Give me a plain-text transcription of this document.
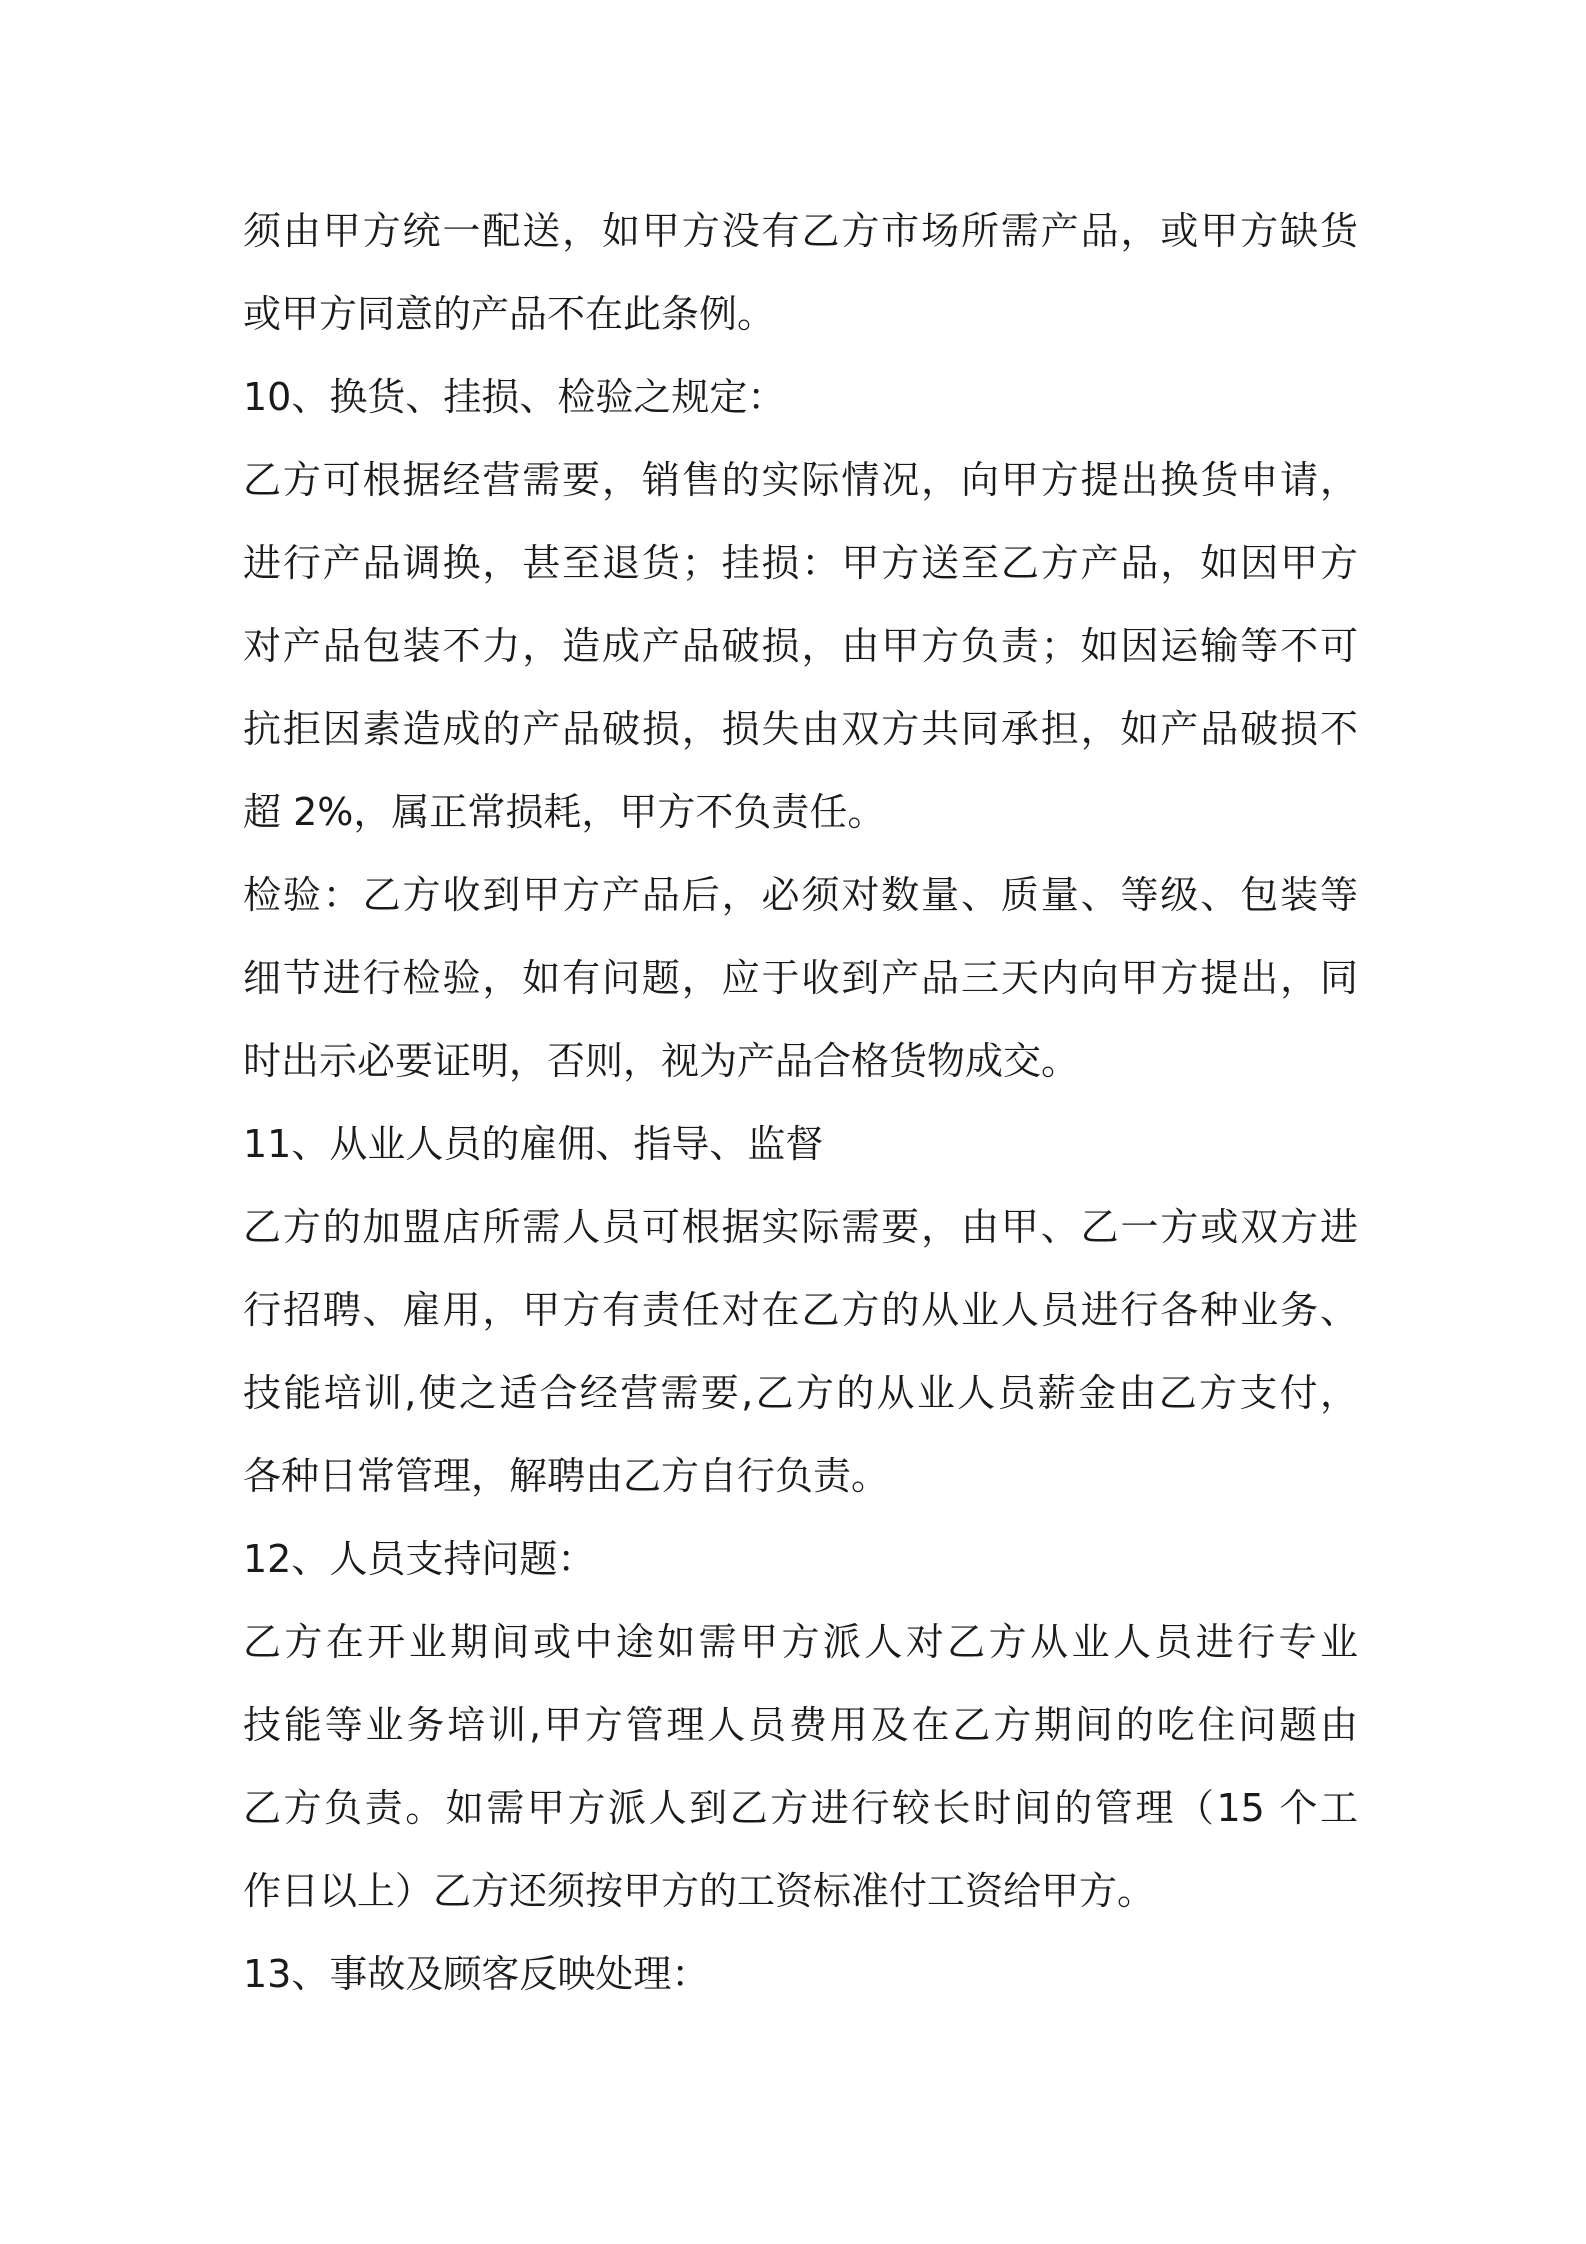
须由甲方统一配送，如甲方没有乙方市场所需产品，或甲方缺货
或甲方同意的产品不在此条例。
10、换货、挂损、检验之规定：
乙方可根据经营需要，销售的实际情况，向甲方提出换货申请，
进行产品调换，甚至退货；挂损：甲方送至乙方产品，如因甲方
对产品包装不力，造成产品破损，由甲方负责；如因运输等不可
抗拒因素造成的产品破损，损失由双方共同承担，如产品破损不
超 2%，属正常损耗，甲方不负责任。
检验：乙方收到甲方产品后，必须对数量、质量、等级、包装等
细节进行检验，如有问题，应于收到产品三天内向甲方提出，同
时出示必要证明，否则，视为产品合格货物成交。
11、从业人员的雇佣、指导、监督
乙方的加盟店所需人员可根据实际需要，由甲、乙一方或双方进
行招聘、雇用，甲方有责任对在乙方的从业人员进行各种业务、
技能培训,使之适合经营需要,乙方的从业人员薪金由乙方支付，
各种日常管理，解聘由乙方自行负责。
12、人员支持问题：
乙方在开业期间或中途如需甲方派人对乙方从业人员进行专业
技能等业务培训,甲方管理人员费用及在乙方期间的吃住问题由
乙方负责。如需甲方派人到乙方进行较长时间的管理（15 个工
作日以上）乙方还须按甲方的工资标准付工资给甲方。
13、事故及顾客反映处理：
